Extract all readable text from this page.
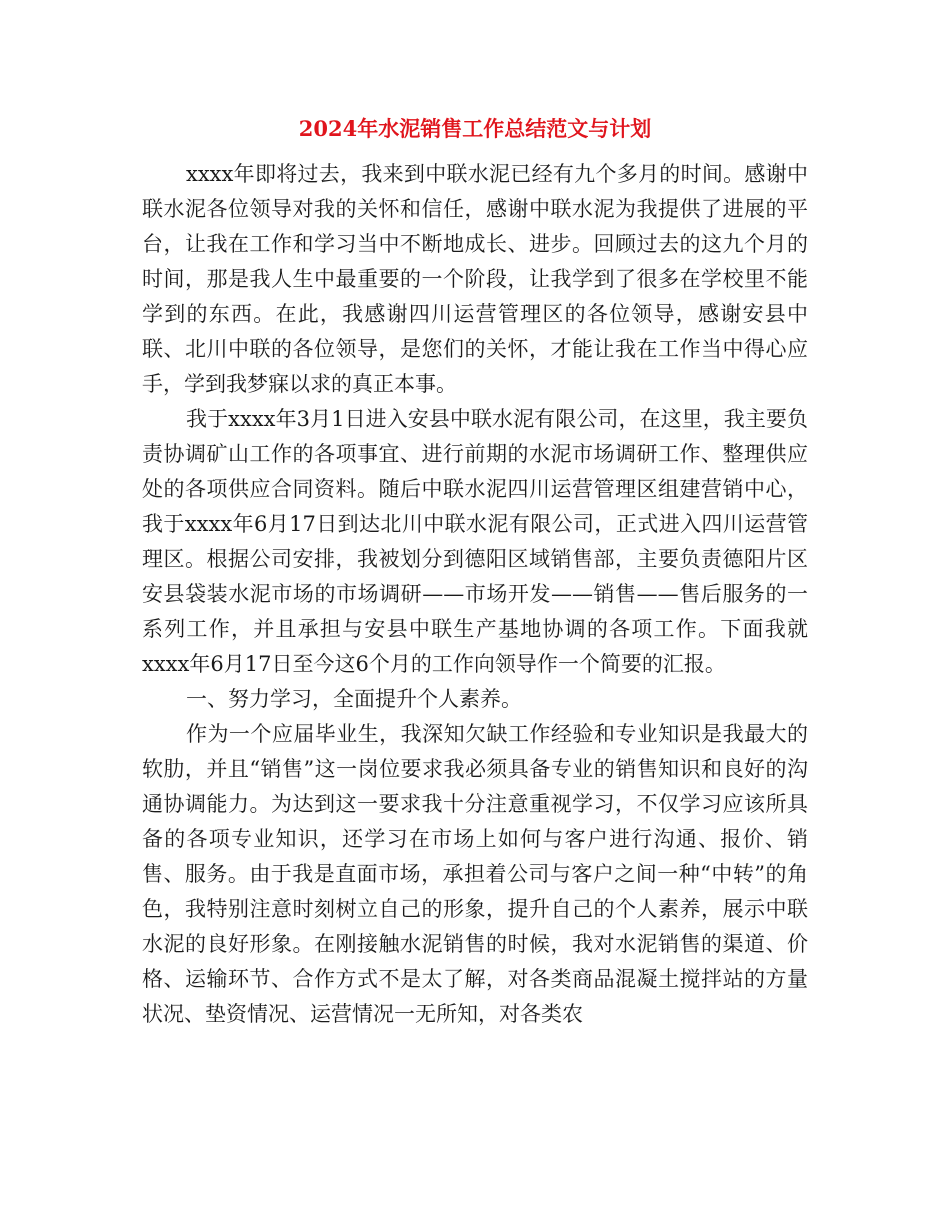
2024年水泥销售工作总结范文与计划

xxxx年即将过去，我来到中联水泥已经有九个多月的时间。感谢中联水泥各位领导对我的关怀和信任，感谢中联水泥为我提供了进展的平台，让我在工作和学习当中不断地成长、进步。回顾过去的这九个月的时间，那是我人生中最重要的一个阶段，让我学到了很多在学校里不能学到的东西。在此，我感谢四川运营管理区的各位领导，感谢安县中联、北川中联的各位领导，是您们的关怀，才能让我在工作当中得心应手，学到我梦寐以求的真正本事。

我于xxxx年3月1日进入安县中联水泥有限公司，在这里，我主要负责协调矿山工作的各项事宜、进行前期的水泥市场调研工作、整理供应处的各项供应合同资料。随后中联水泥四川运营管理区组建营销中心，我于xxxx年6月17日到达北川中联水泥有限公司，正式进入四川运营管理区。根据公司安排，我被划分到德阳区域销售部，主要负责德阳片区安县袋装水泥市场的市场调研——市场开发——销售——售后服务的一系列工作，并且承担与安县中联生产基地协调的各项工作。下面我就xxxx年6月17日至今这6个月的工作向领导作一个简要的汇报。

一、努力学习，全面提升个人素养。

作为一个应届毕业生，我深知欠缺工作经验和专业知识是我最大的软肋，并且“销售”这一岗位要求我必须具备专业的销售知识和良好的沟通协调能力。为达到这一要求我十分注意重视学习，不仅学习应该所具备的各项专业知识，还学习在市场上如何与客户进行沟通、报价、销售、服务。由于我是直面市场，承担着公司与客户之间一种“中转”的角色，我特别注意时刻树立自己的形象，提升自己的个人素养，展示中联水泥的良好形象。在刚接触水泥销售的时候，我对水泥销售的渠道、价格、运输环节、合作方式不是太了解，对各类商品混凝土搅拌站的方量状况、垫资情况、运营情况一无所知，对各类农
